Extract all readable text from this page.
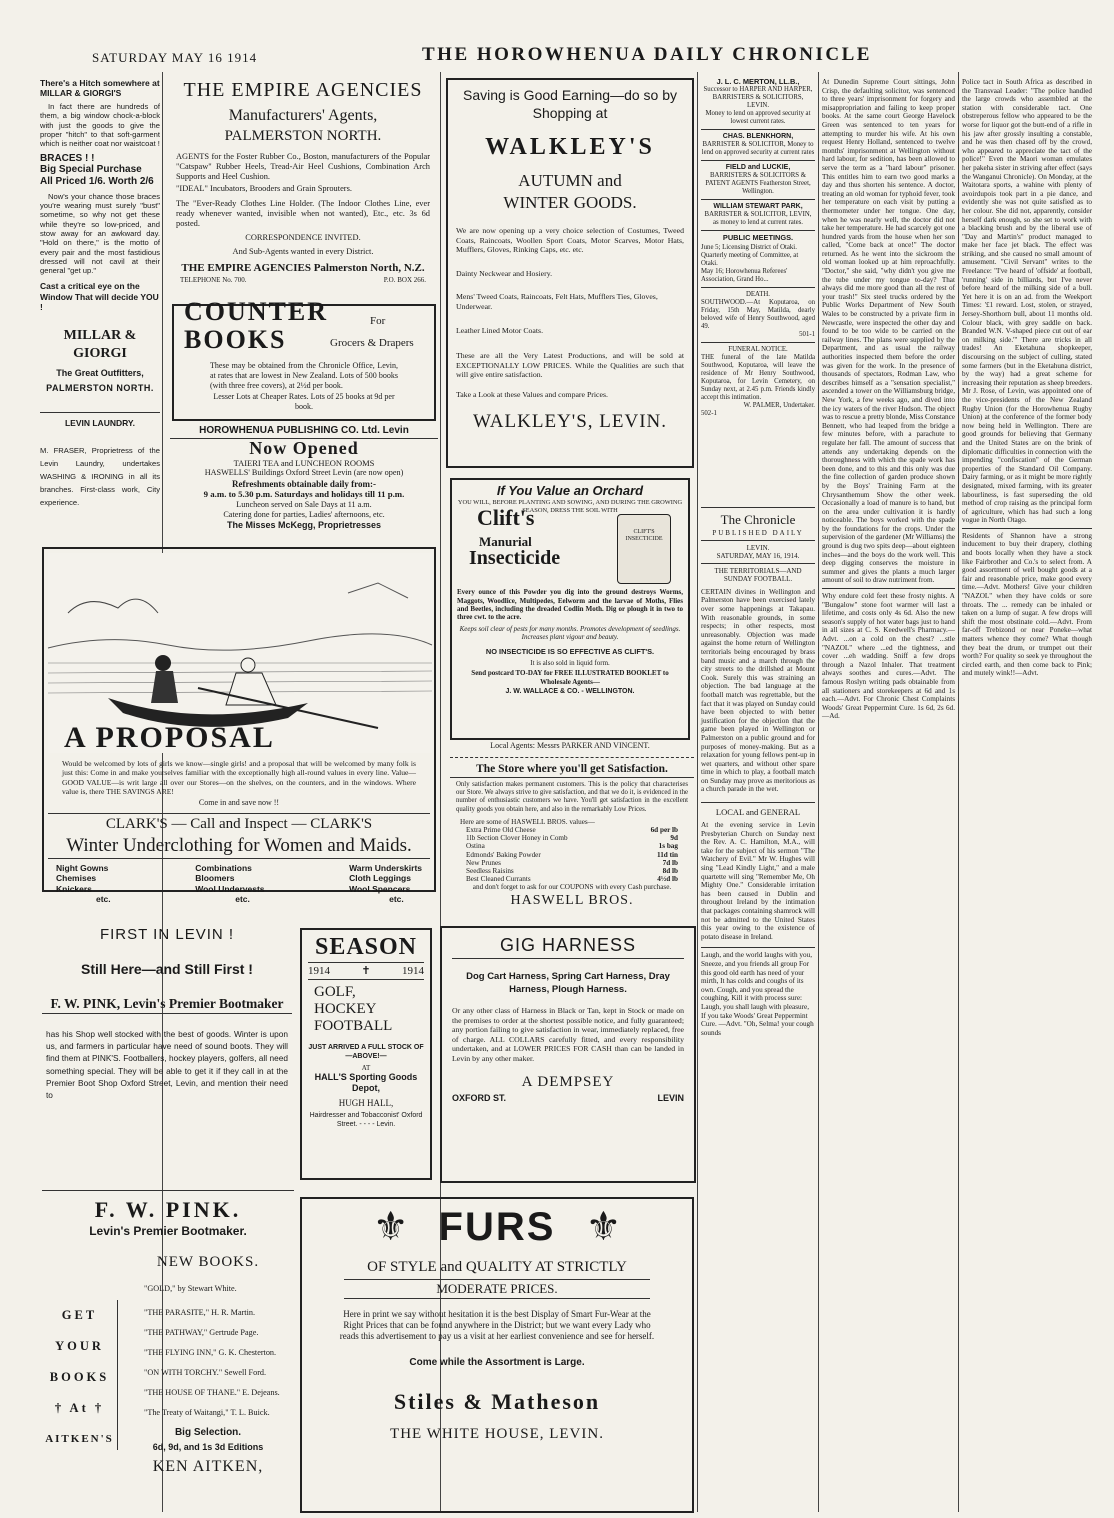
SATURDAY MAY 16 1914	THE HOROWHENUA DAILY CHRONICLE

There's a Hitch somewhere at MILLAR & GIORGI'S

In fact there are hundreds of them, a big window chock-a-block with just the goods to give the proper "hitch" to that soft-garment which is neither coat nor waistcoat !

BRACES ! !

Big Special Purchase

All Priced 1/6. Worth 2/6

Now's your chance those braces you're wearing must surely "bust" sometime, so why not get these while they're so low-priced, and stow away for an awkward day. "Hold on there," is the motto of every pair and the most fastidious dressed will not cavil at their general "get up."

Cast a critical eye on the Window That will decide YOU !

MILLAR & GIORGI

The Great Outfitters,

PALMERSTON NORTH.

LEVIN LAUNDRY.

M. FRASER, Proprietress of the Levin Laundry, undertakes WASHING & IRONING in all its branches. First-class work, City experience.

THE EMPIRE AGENCIES
Manufacturers' Agents,
PALMERSTON NORTH.

AGENTS for the Foster Rubber Co., Boston, manufacturers of the Popular "Catspaw" Rubber Heels, Tread-Air Heel Cushions, Combination Arch Supports and Heel Cushion.

"IDEAL" Incubators, Brooders and Grain Sprouters.

The "Ever-Ready Clothes Line Holder. (The Indoor Clothes Line, ever ready whenever wanted, invisible when not wanted), Etc., etc. 3s 6d posted.

CORRESPONDENCE INVITED.

And Sub-Agents wanted in every District.

THE EMPIRE AGENCIES Palmerston North, N.Z.

TELEPHONE No. 700.	P.O. BOX 266.
COUNTER
BOOKS
For
Grocers & Drapers

These may be obtained from the Chronicle Office, Levin, at rates that are lowest in New Zealand. Lots of 500 books (with three free covers), at 2½d per book.

Lesser Lots at Cheaper Rates. Lots of 25 books at 9d per book.

HOROWHENUA PUBLISHING CO. Ltd. Levin
Now Opened
TAIERI TEA and LUNCHEON ROOMS
HASWELLS' Buildings Oxford Street Levin (are now open)
Refreshments obtainable daily from:-
9 a.m. to 5.30 p.m. Saturdays and holidays till 11 p.m.
Luncheon served on Sale Days at 11 a.m.
Catering done for parties, Ladies' afternoons, etc.
The Misses McKegg, Proprietresses
A PROPOSAL

Would be welcomed by lots of girls we know—single girls! and a proposal that will be welcomed by many folk is just this: Come in and make yourselves familiar with the exceptionally high all-round values in every line. Value—GOOD VALUE—is writ large all over our Stores—on the shelves, on the counters, and in the windows. Where value is, there THE SAVINGS ARE!

Come in and save now !!

CLARK'S — Call and Inspect — CLARK'S
Winter Underclothing for Women and Maids.
Night Gowns
Chemises
Knickers
etc.
Combinations
Bloomers
Wool Undervests
etc.
Warm Underskirts
Cloth Leggings
Wool Spencers
etc.
FIRST IN LEVIN !
Still Here—and Still First !
F. W. PINK, Levin's Premier Bootmaker

has his Shop well stocked with the best of goods. Winter is upon us, and farmers in particular have need of sound boots. They will find them at PINK'S. Footballers, hockey players, golfers, all need something special. They will be able to get it if they call in at the Premier Boot Shop Oxford Street, Levin, and mention their need to

F. W. PINK.
Levin's Premier Bootmaker.
GET
YOUR
BOOKS
† At †
AITKEN'S
NEW BOOKS.
"GOLD," by Stewart White.
"THE PARASITE," H. R. Martin.
"THE PATHWAY," Gertrude Page.
"THE FLYING INN," G. K. Chesterton.
"ON WITH TORCHY." Sewell Ford.
"THE HOUSE OF THANE." E. Dejeans.
"The Treaty of Waitangi," T. L. Buick.
Big Selection.
6d, 9d, and 1s 3d Editions
KEN AITKEN,
Saving is Good Earning—do so by Shopping at
WALKLEY'S
AUTUMN and
WINTER GOODS.

We are now opening up a very choice selection of Costumes, Tweed Coats, Raincoats, Woollen Sport Coats, Motor Scarves, Motor Hats, Mufflers, Gloves, Rinking Caps, etc. etc.

Dainty Neckwear and Hosiery.

Mens' Tweed Coats, Raincoats, Felt Hats, Mufflers Ties, Gloves, Underwear.

Leather Lined Motor Coats.

These are all the Very Latest Productions, and will be sold at EXCEPTIONALLY LOW PRICES. While the Qualities are such that will give entire satisfaction.

Take a Look at these Values and compare Prices.

WALKLEY'S, LEVIN.
If You Value an Orchard

YOU WILL, BEFORE PLANTING AND SOWING, AND DURING THE GROWING SEASON, DRESS THE SOIL WITH

Clift's
Manurial
Insecticide
CLIFT'S INSECTICIDE

Every ounce of this Powder you dig into the ground destroys Worms, Maggots, Woodlice, Multipedes, Eelworm and the larvae of Moths, Flies and Beetles, including the dreaded Codlin Moth. Dig or plough it in two to three cwt. to the acre.

Keeps soil clear of pests for many months. Promotes development of seedlings. Increases plant vigour and beauty.

NO INSECTICIDE IS SO EFFECTIVE AS CLIFT'S.

It is also sold in liquid form.

Send postcard TO-DAY for FREE ILLUSTRATED BOOKLET to Wholesale Agents—

J. W. WALLACE & CO. - WELLINGTON.

Local Agents: Messrs PARKER AND VINCENT.
The Store where you'll get Satisfaction.

Only satisfaction makes permanent customers. This is the policy that characterises our Store. We always strive to give satisfaction, and that we do it, is evidenced in the number of enthusiastic customers we have. You'll get satisfaction in the excellent quality goods you obtain here, and also in the remarkably Low Prices.

Here are some of HASWELL BROS. values—

Extra Prime Old Cheese	6d per lb
1lb Section Clover Honey in Comb	9d
Ostina	1s bag
Edmonds' Baking Powder	11d tin
New Prunes	7d lb
Seedless Raisins	8d lb
Best Cleaned Currants	4½d lb

and don't forget to ask for our COUPONS with every Cash purchase.

HASWELL BROS.
SEASON
1914	✝	1914
GOLF,
HOCKEY
FOOTBALL
JUST ARRIVED A FULL STOCK OF —ABOVE!—
AT
HALL'S Sporting Goods Depot,
HUGH HALL,
Hairdresser and Tobacconist' Oxford Street. - - - - Levin.
GIG HARNESS
Dog Cart Harness, Spring Cart Harness, Dray Harness, Plough Harness.

Or any other class of Harness in Black or Tan, kept in Stock or made on the premises to order at the shortest possible notice, and fully guaranteed; any portion failing to give satisfaction in wear, immediately replaced, free of charge. ALL COLLARS carefully fitted, and every responsibility undertaken, and at LOWER PRICES FOR CASH than can be landed in Levin by any other maker.

A DEMPSEY
OXFORD ST.	LEVIN
⚜ FURS ⚜
OF STYLE and QUALITY AT STRICTLY
MODERATE PRICES.

Here in print we say without hesitation it is the best Display of Smart Fur-Wear at the Right Prices that can be found anywhere in the District; but we want every Lady who reads this advertisement to pay us a visit at her earliest convenience and see for herself.

Come while the Assortment is Large.
Stiles & Matheson
THE WHITE HOUSE, LEVIN.
J. L. C. MERTON, LL.B.,
Successor to HARPER AND HARPER, BARRISTERS & SOLICITORS, LEVIN.
Money to lend on approved security at lowest current rates.
CHAS. BLENKHORN,
BARRISTER & SOLICITOR, Money to lend on approved security at current rates
FIELD and LUCKIE,
BARRISTERS & SOLICITORS & PATENT AGENTS Featherston Street, Wellington.
WILLIAM STEWART PARK,
BARRISTER & SOLICITOR, LEVIN, as money to lend at current rates.
PUBLIC MEETINGS.
June 5; Licensing District of Otaki. Quarterly meeting of Committee, at Otaki.
May 16; Horowhenua Referees' Association, Grand Ho...
DEATH.
SOUTHWOOD.—At Koputaroa, on Friday, 15th May, Matilda, dearly beloved wife of Henry Southwood, aged 49.
501-1
FUNERAL NOTICE.
THE funeral of the late Matilda Southwood, Koputaroa, will leave the residence of Mr Henry Southwood, Koputaroa, for Levin Cemetery, on Sunday next, at 2.45 p.m. Friends kindly accept this intimation.
W. PALMER, Undertaker.
502-1
The Chronicle
PUBLISHED DAILY
LEVIN.
SATURDAY, MAY 16, 1914.
THE TERRITORIALS—AND SUNDAY FOOTBALL.

CERTAIN divines in Wellington and Palmerston have been exercised lately over some happenings at Takapau. With reasonable grounds, in some respects; in other respects, most unreasonably. Objection was made against the home return of Wellington territorials being encouraged by brass band music and a march through the city streets to the drillshed at Mount Cook. Surely this was straining an objection. The bad language at the football match was regrettable, but the fact that it was played on Sunday could have been objected to with better justification for the objection that the game been played in Wellington or Palmerston on a public ground and for purposes of money-making. But as a relaxation for young fellows pent-up in wet quarters, and without other spare time in which to play, a football match on Sunday may prove as meritorious as a church parade in the wet.

LOCAL and GENERAL

At the evening service in Levin Presbyterian Church on Sunday next the Rev. A. C. Hamilton, M.A., will take for the subject of his sermon "The Watchery of Evil." Mr W. Hughes will sing "Lead Kindly Light," and a male quartette will sing "Remember Me, Oh Mighty One." Considerable irritation has been caused in Dublin and throughout Ireland by the intimation that packages containing shamrock will not be admitted to the United States this year owing to the existence of potato disease in Ireland.

Laugh, and the world laughs with you, Sneeze, and you friends all group For this good old earth has need of your mirth, It has colds and coughs of its own. Cough, and you spread the coughing, Kill it with process sure: Laugh, you shall laugh with pleasure, If you take Woods' Great Peppermint Cure. —Advt. "Oh, Selma! your cough sounds

At Dunedin Supreme Court sittings, John Crisp, the defaulting solicitor, was sentenced to three years' imprisonment for forgery and misappropriation and failing to keep proper books. At the same court George Havelock Green was sentenced to ten years for attempting to murder his wife. At his own request Henry Holland, sentenced to twelve months' imprisonment at Wellington without hard labour, for sedition, has been allowed to serve the term as a "hard labour" prisoner. This entitles him to earn two good marks a day and thus shorten his sentence. A doctor, treating an old woman for typhoid fever, took her temperature on each visit by putting a thermometer under her tongue. One day, when he was nearly well, the doctor did not take her temperature. He had scarcely got one hundred yards from the house when her son called, "Come back at once!" The doctor returned. As he went into the sickroom the old woman looked up at him reproachfully. "Doctor," she said, "why didn't you give me the tube under my tongue to-day? That always did me more good than all the rest of your trash!" Six steel trucks ordered by the Public Works Department of New South Wales to be constructed by a private firm in Newcastle, were inspected the other day and found to be too wide to be carried on the railway lines. The plans were supplied by the Department, and as usual the railway authorities inspected them before the order was given for the work. In the presence of thousands of spectators, Rodman Law, who describes himself as a "sensation specialist," ascended a tower on the Williamsburg bridge, New York, a few weeks ago, and dived into the icy waters of the river Hudson. The object was to rescue a pretty blonde, Miss Constance Bennett, who had leaped from the bridge a few minutes before, with a parachute to regulate her fall. The amount of success that attends any undertaking depends on the thoroughness with which the spade work has been done, and to this and this only was due the fine collection of garden produce shown by the Boys' Training Farm at the Chrysanthemum Show the other week. Occasionally a load of manure is to hand, but on the area under cultivation it is hardly noticeable. The boys worked with the spade by the foundations for the crops. Under the supervision of the gardener (Mr Williams) the ground is dug two spits deep—about eighteen inches—and the boys do the work well. This deep digging conserves the moisture in summer and gives the plants a much larger amount of soil to draw nutriment from.

Why endure cold feet these frosty nights. A "Bungalow" stone foot warmer will last a lifetime, and costs only 4s 6d. Also the new season's supply of hot water bags just to hand in all sizes at C. S. Keedwell's Pharmacy.—Advt. ...on a cold on the chest? ...stle "NAZOL" where ...ed the tightness, and cover ...eh wadding. Sniff a few drops through a Nazol Inhaler. That treatment always soothes and cures.—Advt. The famous Roslyn writing pads obtainable from all stationers and storekeepers at 6d and 1s each.—Advt. For Chronic Chest Complaints Woods' Great Peppermint Cure. 1s 6d, 2s 6d. —Ad.

Police tact in South Africa as described in the Transvaal Leader: "The police handled the large crowds who assembled at the station with considerable tact. One obstreperous fellow who appeared to be the worse for liquor got the butt-end of a rifle in his jaw after grossly insulting a constable, and he was then chased off by the crowd, who appeared to appreciate the tact of the police!" Even the Maori woman emulates her pakeha sister in striving after effect (says the Wanganui Chronicle). On Monday, at the Waitotara sports, a wahine with plenty of avoirdupois took part in a pie dance, and evidently she was not quite satisfied as to her colour. She did not, apparently, consider herself dark enough, so she set to work with a blacking brush and by the liberal use of "Day and Martin's" product managed to make her face jet black. The effect was striking, and she caused no small amount of amusement. "Civil Servant" writes to the Freelance: "I've heard of 'offside' at football, 'running' side in billiards, but I've never before heard of the milking side of a bull. Yet here it is on an ad. from the Weekport Times: '£1 reward. Lost, stolen, or strayed, Jersey-Shorthorn bull, about 11 months old. Colour black, with grey saddle on back. Branded W.N. V-shaped piece cut out of ear on milking side.'" There are tricks in all trades! An Eketahuna shopkeeper, discoursing on the subject of culling, stated some farmers (but in the Eketahuna district, by the way) had a great scheme for increasing their reputation as sheep breeders. Mr J. Rose, of Levin, was appointed one of the vice-presidents of the New Zealand Rugby Union (for the Horowhenua Rugby Union) at the conference of the former body now being held in Wellington. There are good grounds for believing that Germany and the United States are on the brink of diplomatic difficulties in connection with the impending "confiscation" of the German properties of the Standard Oil Company. Dairy farming, or as it might be more rightly designated, mixed farming, with its greater labourliness, is fast superseding the old method of crop raising as the principal form of agriculture, which has had such a long vogue in North Otago.

Residents of Shannon have a strong inducement to buy their drapery, clothing and boots locally when they have a stock like Fairbrother and Co.'s to select from. A good assortment of well bought goods at a fair and reasonable price, make good every time.—Advt. Mothers! Give your children "NAZOL" when they have colds or sore throats. The ... remedy can be inhaled or taken on a lump of sugar. A few drops will shift the most obstinate cold.—Advt. From far-off Trebizond or near Poneke—what matters whence they come? What though they beat the drum, or trumpet out their worth? For quality so seek ye throughout the circled earth, and then come back to Pink; and mutely wink!!—Advt.
